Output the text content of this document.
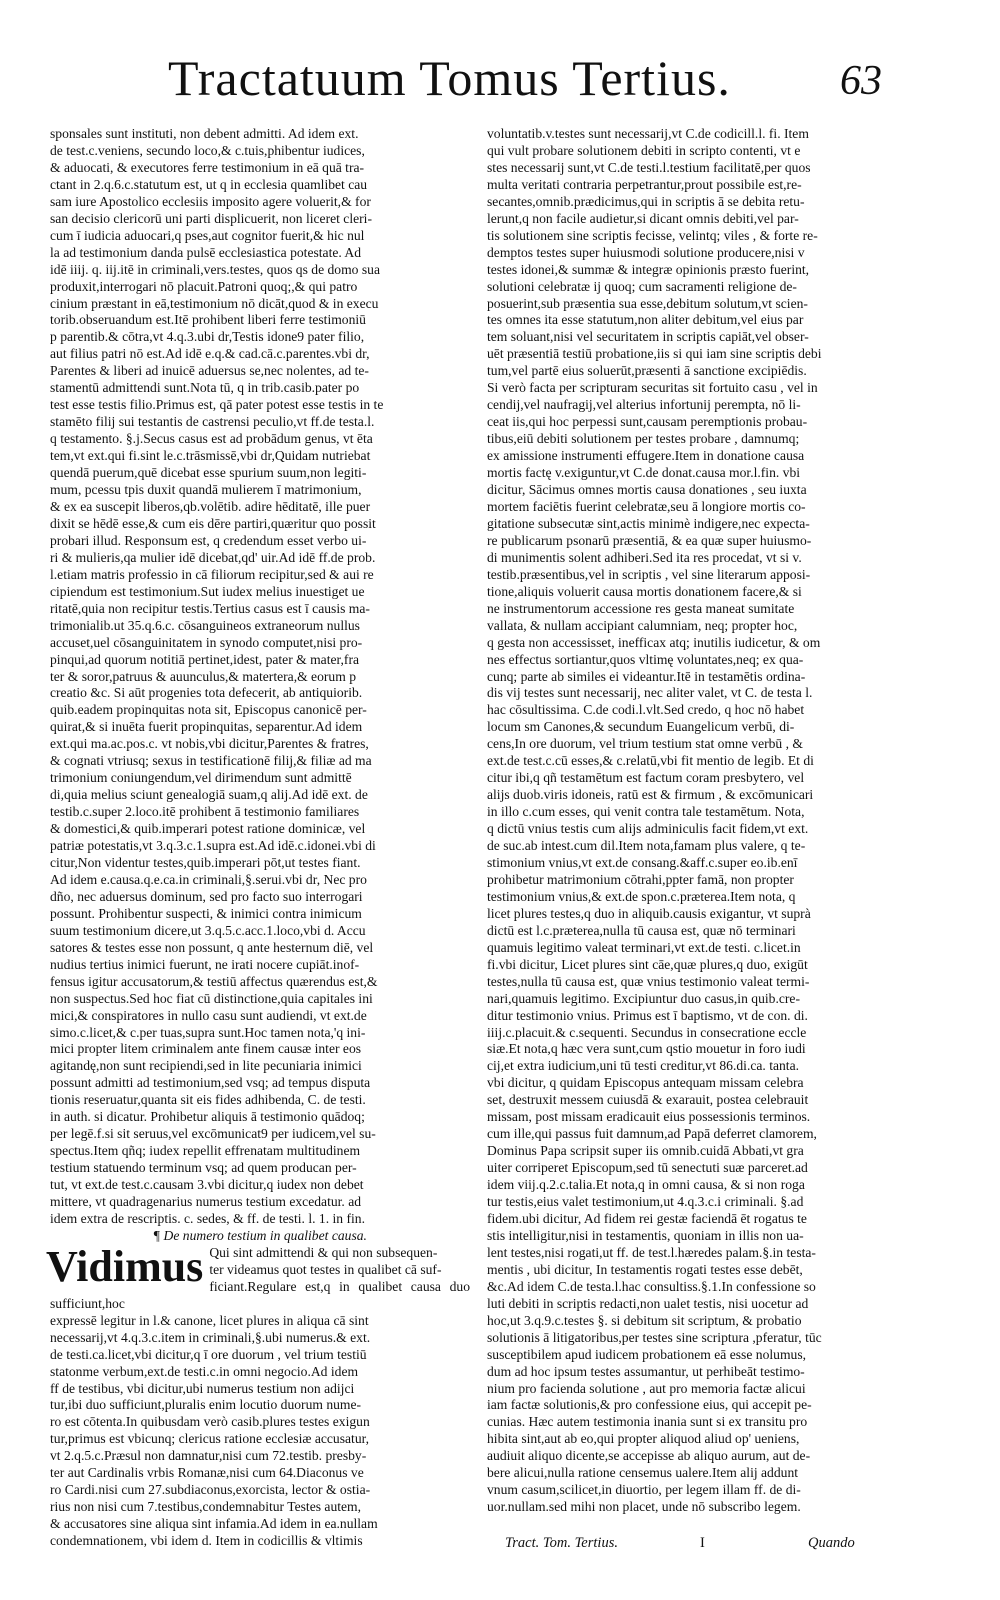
Tractatuum Tomus Tertius.	63

sponsales sunt instituti, non debent admitti. Ad idem ext.

de test.c.veniens, secundo loco,& c.tuis,phibentur iudices,

& aduocati, & executores ferre testimonium in eā quā tra-

ctant in 2.q.6.c.statutum est, ut q in ecclesia quamlibet cau

sam iure Apostolico ecclesiis imposito agere voluerit,& for

san decisio clericorū uni parti displicuerit, non liceret cleri-

cum ī iudicia aduocari,q pses,aut cognitor fuerit,& hic nul

la ad testimonium danda pulsē ecclesiastica potestate. Ad

idē iiij. q. iij.itē in criminali,vers.testes, quos qs de domo sua

produxit,interrogari nō placuit.Patroni quoq;,& qui patro

cinium præstant in eā,testimonium nō dicāt,quod & in execu

torib.obseruandum est.Itē prohibent liberi ferre testimoniū

p parentib.& cōtra,vt 4.q.3.ubi dr,Testis idone9 pater filio,

aut filius patri nō est.Ad idē e.q.& cad.cā.c.parentes.vbi dr,

Parentes & liberi ad inuicē aduersus se,nec nolentes, ad te-

stamentū admittendi sunt.Nota tū, q in trib.casib.pater po

test esse testis filio.Primus est, qā pater potest esse testis in te

stamēto filij sui testantis de castrensi peculio,vt ff.de testa.l.

q testamento. §.j.Secus casus est ad probādum genus, vt ēta

tem,vt ext.qui fi.sint le.c.trāsmissē,vbi dr,Quidam nutriebat

quendā puerum,quē dicebat esse spurium suum,non legiti-

mum, pcessu tpis duxit quandā mulierem ī matrimonium,

& ex ea suscepit liberos,qb.volētib. adire hēditatē, ille puer

dixit se hēdē esse,& cum eis dēre partiri,quæritur quo possit

probari illud. Responsum est, q credendum esset verbo ui-

ri & mulieris,qa mulier idē dicebat,qd' uir.Ad idē ff.de prob.

l.etiam matris professio in cā filiorum recipitur,sed & aui re

cipiendum est testimonium.Sut iudex melius inuestiget ue

ritatē,quia non recipitur testis.Tertius casus est ī causis ma-

trimonialib.ut 35.q.6.c. cōsanguineos extraneorum nullus

accuset,uel cōsanguinitatem in synodo computet,nisi pro-

pinqui,ad quorum notitiā pertinet,idest, pater & mater,fra

ter & soror,patruus & auunculus,& matertera,& eorum p

creatio &c. Si aūt progenies tota defecerit, ab antiquiorib.

quib.eadem propinquitas nota sit, Episcopus canonicē per-

quirat,& si inuēta fuerit propinquitas, separentur.Ad idem

ext.qui ma.ac.pos.c. vt nobis,vbi dicitur,Parentes & fratres,

& cognati vtriusq; sexus in testificationē filij,& filiæ ad ma

trimonium coniungendum,vel dirimendum sunt admittē

di,quia melius sciunt genealogiā suam,q alij.Ad idē ext. de

testib.c.super 2.loco.itē prohibent ā testimonio familiares

& domestici,& quib.imperari potest ratione dominicæ, vel

patriæ potestatis,vt 3.q.3.c.1.supra est.Ad idē.c.idonei.vbi di

citur,Non videntur testes,quib.imperari pōt,ut testes fiant.

Ad idem e.causa.q.e.ca.in criminali,§.serui.vbi dr, Nec pro

dño, nec aduersus dominum, sed pro facto suo interrogari

possunt. Prohibentur suspecti, & inimici contra inimicum

suum testimonium dicere,ut 3.q.5.c.acc.1.loco,vbi d. Accu

satores & testes esse non possunt, q ante hesternum diē, vel

nudius tertius inimici fuerunt, ne irati nocere cupiāt.inof-

fensus igitur accusatorum,& testiū affectus quærendus est,&

non suspectus.Sed hoc fiat cū distinctione,quia capitales ini

mici,& conspiratores in nullo casu sunt audiendi, vt ext.de

simo.c.licet,& c.per tuas,supra sunt.Hoc tamen nota,'q ini-

mici propter litem criminalem ante finem causæ inter eos

agitandę,non sunt recipiendi,sed in lite pecuniaria inimici

possunt admitti ad testimonium,sed vsq; ad tempus disputa

tionis reseruatur,quanta sit eis fides adhibenda, C. de testi.

in auth. si dicatur. Prohibetur aliquis ā testimonio quādoq;

per legē.f.si sit seruus,vel excōmunicat9 per iudicem,vel su-

spectus.Item qñq; iudex repellit effrenatam multitudinem

testium statuendo terminum vsq; ad quem producan per-

tut, vt ext.de test.c.causam 3.vbi dicitur,q iudex non debet

mittere, vt quadragenarius numerus testium excedatur. ad

idem extra de rescriptis. c. sedes, & ff. de testi. l. 1. in fin.

¶ De numero testium in qualibet causa.

Vidimus Qui sint admittendi & qui non subsequen-

ter videamus quot testes in qualibet cā suf-

ficiant.Regulare est,q in qualibet causa duo sufficiunt,hoc

expressē legitur in l.& canone, licet plures in aliqua cā sint

necessarij,vt 4.q.3.c.item in criminali,§.ubi numerus.& ext.

de testi.ca.licet,vbi dicitur,q ī ore duorum , vel trium testiū

statonme verbum,ext.de testi.c.in omni negocio.Ad idem

ff de testibus, vbi dicitur,ubi numerus testium non adijci

tur,ibi duo sufficiunt,pluralis enim locutio duorum nume-

ro est cōtenta.In quibusdam verò casib.plures testes exigun

tur,primus est vbicunq; clericus ratione ecclesiæ accusatur,

vt 2.q.5.c.Præsul non damnatur,nisi cum 72.testib. presby-

ter aut Cardinalis vrbis Romanæ,nisi cum 64.Diaconus ve

ro Cardi.nisi cum 27.subdiaconus,exorcista, lector & ostia-

rius non nisi cum 7.testibus,condemnabitur Testes autem,

& accusatores sine aliqua sint infamia.Ad idem in ea.nullam

condemnationem, vbi idem d. Item in codicillis & vltimis

voluntatib.v.testes sunt necessarij,vt C.de codicill.l. fi. Item

qui vult probare solutionem debiti in scripto contenti, vt e

stes necessarij sunt,vt C.de testi.l.testium facilitatē,per quos

multa veritati contraria perpetrantur,prout possibile est,re-

secantes,omnib.prædicimus,qui in scriptis ā se debita retu-

lerunt,q non facile audietur,si dicant omnis debiti,vel par-

tis solutionem sine scriptis fecisse, velintq; viles , & forte re-

demptos testes super huiusmodi solutione producere,nisi v

testes idonei,& summæ & integræ opinionis præsto fuerint,

solutioni celebratæ ij quoq; cum sacramenti religione de-

posuerint,sub præsentia sua esse,debitum solutum,vt scien-

tes omnes ita esse statutum,non aliter debitum,vel eius par

tem soluant,nisi vel securitatem in scriptis capiāt,vel obser-

uēt præsentiā testiū probatione,iis si qui iam sine scriptis debi

tum,vel partē eius soluerūt,præsenti ā sanctione excipiēdis.

Si verò facta per scripturam securitas sit fortuito casu , vel in

cendij,vel naufragij,vel alterius infortunij perempta, nō li-

ceat iis,qui hoc perpessi sunt,causam peremptionis probau-

tibus,eiū debiti solutionem per testes probare , damnumq;

ex amissione instrumenti effugere.Item in donatione causa

mortis factę v.exiguntur,vt C.de donat.causa mor.l.fin. vbi

dicitur, Sācimus omnes mortis causa donationes , seu iuxta

mortem faciētis fuerint celebratæ,seu ā longiore mortis co-

gitatione subsecutæ sint,actis minimè indigere,nec expecta-

re publicarum psonarū præsentiā, & ea quæ super huiusmo-

di munimentis solent adhiberi.Sed ita res procedat, vt si v.

testib.præsentibus,vel in scriptis , vel sine literarum apposi-

tione,aliquis voluerit causa mortis donationem facere,& si

ne instrumentorum accessione res gesta maneat sumitate

vallata, & nullam accipiant calumniam, neq; propter hoc,

q gesta non accessisset, inefficax atq; inutilis iudicetur, & om

nes effectus sortiantur,quos vltimę voluntates,neq; ex qua-

cunq; parte ab similes ei videantur.Itē in testamētis ordina-

dis vij testes sunt necessarij, nec aliter valet, vt C. de testa l.

hac cōsultissima. C.de codi.l.vlt.Sed credo, q hoc nō habet

locum sm Canones,& secundum Euangelicum verbū, di-

cens,In ore duorum, vel trium testium stat omne verbū , &

ext.de test.c.cū esses,& c.relatū,vbi fit mentio de legib. Et di

citur ibi,q qñ testamētum est factum coram presbytero, vel

alijs duob.viris idoneis, ratū est & firmum , & excōmunicari

in illo c.cum esses, qui venit contra tale testamētum. Nota,

q dictū vnius testis cum alijs adminiculis facit fidem,vt ext.

de suc.ab intest.cum dil.Item nota,famam plus valere, q te-

stimonium vnius,vt ext.de consang.&aff.c.super eo.ib.enī

prohibetur matrimonium cōtrahi,ppter famā, non propter

testimonium vnius,& ext.de spon.c.præterea.Item nota, q

licet plures testes,q duo in aliquib.causis exigantur, vt suprà

dictū est l.c.præterea,nulla tū causa est, quæ nō terminari

quamuis legitimo valeat terminari,vt ext.de testi. c.licet.in

fi.vbi dicitur, Licet plures sint cāe,quæ plures,q duo, exigūt

testes,nulla tū causa est, quæ vnius testimonio valeat termi-

nari,quamuis legitimo. Excipiuntur duo casus,in quib.cre-

ditur testimonio vnius. Primus est ī baptismo, vt de con. di.

iiij.c.placuit.& c.sequenti. Secundus in consecratione eccle

siæ.Et nota,q hæc vera sunt,cum qstio mouetur in foro iudi

cij,et extra iudicium,uni tū testi creditur,vt 86.di.ca. tanta.

vbi dicitur, q quidam Episcopus antequam missam celebra

set, destruxit messem cuiusdā & exarauit, postea celebrauit

missam, post missam eradicauit eius possessionis terminos.

cum ille,qui passus fuit damnum,ad Papā deferret clamorem,

Dominus Papa scripsit super iis omnib.cuidā Abbati,vt gra

uiter corriperet Episcopum,sed tū senectuti suæ parceret.ad

idem viij.q.2.c.talia.Et nota,q in omni causa, & si non roga

tur testis,eius valet testimonium,ut 4.q.3.c.i criminali. §.ad

fidem.ubi dicitur, Ad fidem rei gestæ faciendā ēt rogatus te

stis intelligitur,nisi in testamentis, quoniam in illis non ua-

lent testes,nisi rogati,ut ff. de test.l.hæredes palam.§.in testa-

mentis , ubi dicitur, In testamentis rogati testes esse debēt,

&c.Ad idem C.de testa.l.hac consultiss.§.1.In confessione so

luti debiti in scriptis redacti,non ualet testis, nisi uocetur ad

hoc,ut 3.q.9.c.testes §. si debitum sit scriptum, & probatio

solutionis ā litigatoribus,per testes sine scriptura ,pferatur, tūc

susceptibilem apud iudicem probationem eā esse nolumus,

dum ad hoc ipsum testes assumantur, ut perhibeāt testimo-

nium pro facienda solutione , aut pro memoria factæ alicui

iam factæ solutionis,& pro confessione eius, qui accepit pe-

cunias. Hæc autem testimonia inania sunt si ex transitu pro

hibita sint,aut ab eo,qui propter aliquod aliud op' ueniens,

audiuit aliquo dicente,se accepisse ab aliquo aurum, aut de-

bere alicui,nulla ratione censemus ualere.Item alij addunt

vnum casum,scilicet,in diuortio, per legem illam ff. de di-

uor.nullam.sed mihi non placet, unde nō subscribo legem.

Tract. Tom. Tertius.	I	Quando
